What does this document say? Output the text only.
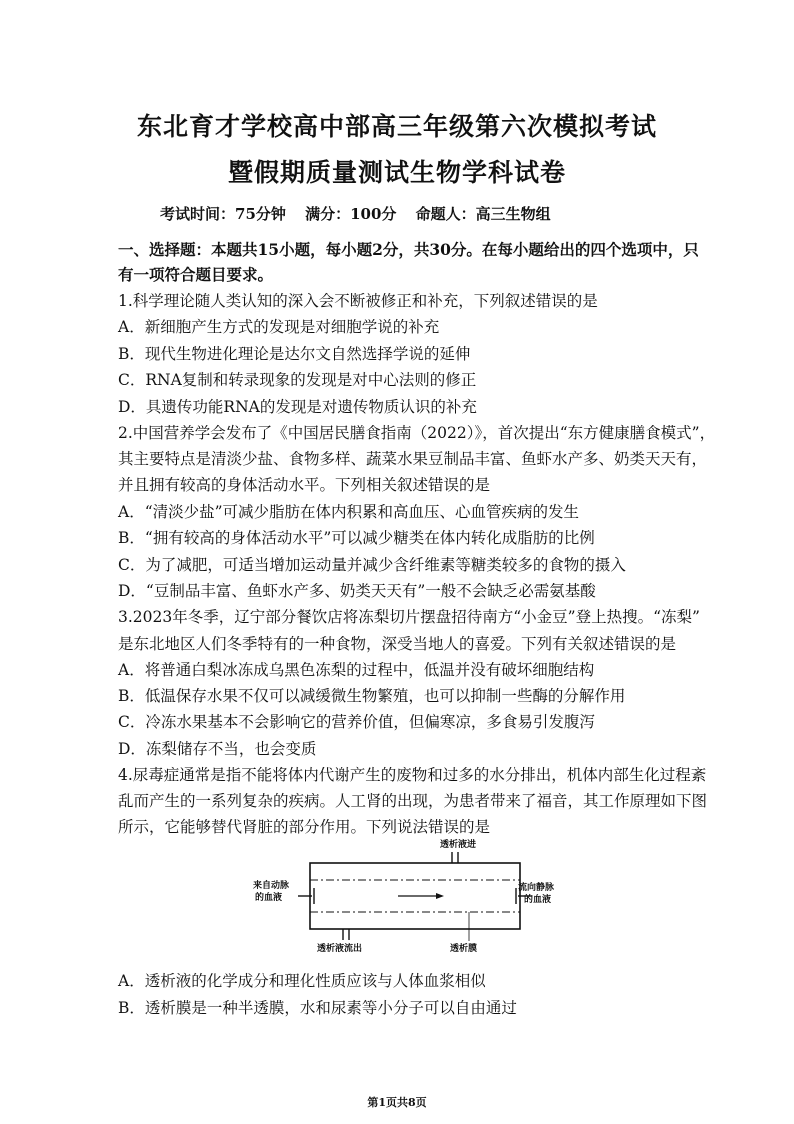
东北育才学校高中部高三年级第六次模拟考试
暨假期质量测试生物学科试卷
考试时间：75分钟 满分：100分 命题人：高三生物组
一、选择题：本题共15小题，每小题2分，共30分。在每小题给出的四个选项中，只
有一项符合题目要求。
1.科学理论随人类认知的深入会不断被修正和补充，下列叙述错误的是
A．新细胞产生方式的发现是对细胞学说的补充
B．现代生物进化理论是达尔文自然选择学说的延伸
C．RNA复制和转录现象的发现是对中心法则的修正
D．具遗传功能RNA的发现是对遗传物质认识的补充
2.中国营养学会发布了《中国居民膳食指南（2022）》，首次提出“东方健康膳食模式”，
其主要特点是清淡少盐、食物多样、蔬菜水果豆制品丰富、鱼虾水产多、奶类天天有，
并且拥有较高的身体活动水平。下列相关叙述错误的是
A．“清淡少盐”可减少脂肪在体内积累和高血压、心血管疾病的发生
B．“拥有较高的身体活动水平”可以减少糖类在体内转化成脂肪的比例
C．为了减肥，可适当增加运动量并减少含纤维素等糖类较多的食物的摄入
D．“豆制品丰富、鱼虾水产多、奶类天天有”一般不会缺乏必需氨基酸
3.2023年冬季，辽宁部分餐饮店将冻梨切片摆盘招待南方“小金豆”登上热搜。“冻梨”
是东北地区人们冬季特有的一种食物，深受当地人的喜爱。下列有关叙述错误的是
A．将普通白梨冰冻成乌黑色冻梨的过程中，低温并没有破坏细胞结构
B．低温保存水果不仅可以减缓微生物繁殖，也可以抑制一些酶的分解作用
C．冷冻水果基本不会影响它的营养价值，但偏寒凉，多食易引发腹泻
D．冻梨储存不当，也会变质
4.尿毒症通常是指不能将体内代谢产生的废物和过多的水分排出，机体内部生化过程紊
乱而产生的一系列复杂的疾病。人工肾的出现，为患者带来了福音，其工作原理如下图
所示，它能够替代肾脏的部分作用。下列说法错误的是
透析液进
来自动脉
的血液
流向静脉
的血液
透析液流出	透析膜
A．透析液的化学成分和理化性质应该与人体血浆相似
B．透析膜是一种半透膜，水和尿素等小分子可以自由通过
第1页共8页
